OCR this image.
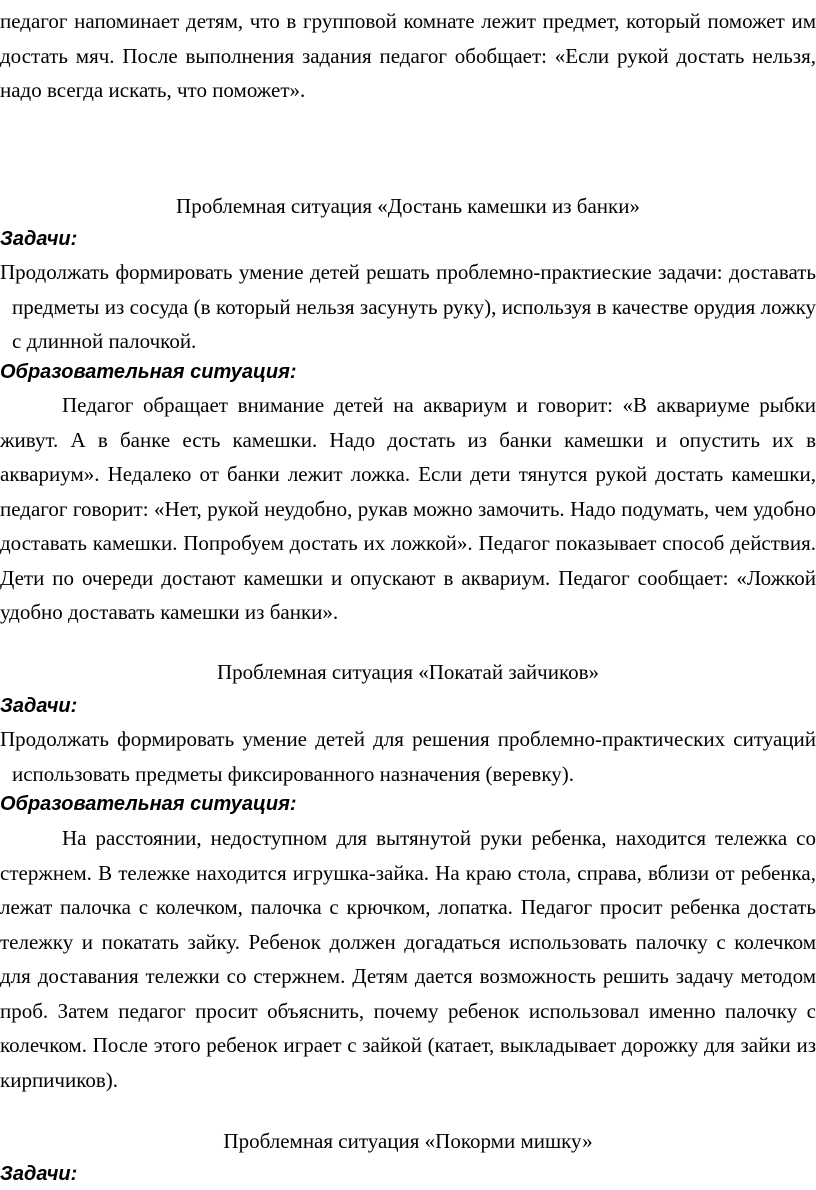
педагог напоминает детям, что в групповой комнате лежит предмет, который поможет им достать мяч. После выполнения задания педагог обобщает: «Если рукой достать нельзя, надо всегда искать, что поможет».

Проблемная ситуация «Достань камешки из банки»

Задачи:

Продолжать формировать умение детей решать проблемно-практиеские задачи: доставать предметы из сосуда (в который нельзя засунуть руку), используя в качестве орудия ложку с длинной палочкой.

Образовательная ситуация:

Педагог обращает внимание детей на аквариум и говорит: «В аквариуме рыбки живут. А в банке есть камешки. Надо достать из банки камешки и опустить их в аквариум». Недалеко от банки лежит ложка. Если дети тянутся рукой достать камешки, педагог говорит: «Нет, рукой неудобно, рукав можно замочить. Надо подумать, чем удобно доставать камешки. Попробуем достать их ложкой». Педагог показывает способ действия. Дети по очереди достают камешки и опускают в аквариум. Педагог сообщает: «Ложкой удобно доставать камешки из банки».

Проблемная ситуация «Покатай зайчиков»

Задачи:

Продолжать формировать умение детей для решения проблемно-практических ситуаций использовать предметы фиксированного назначения (веревку).

Образовательная ситуация:

На расстоянии, недоступном для вытянутой руки ребенка, находится тележка со стержнем. В тележке находится игрушка-зайка. На краю стола, справа, вблизи от ребенка, лежат палочка с колечком, палочка с крючком, лопатка. Педагог просит ребенка достать тележку и покатать зайку. Ребенок должен догадаться использовать палочку с колечком для доставания тележки со стержнем. Детям дается возможность решить задачу методом проб. Затем педагог просит объяснить, почему ребенок использовал именно палочку с колечком. После этого ребенок играет с зайкой (катает, выкладывает дорожку для зайки из кирпичиков).

Проблемная ситуация «Покорми мишку»

Задачи:
